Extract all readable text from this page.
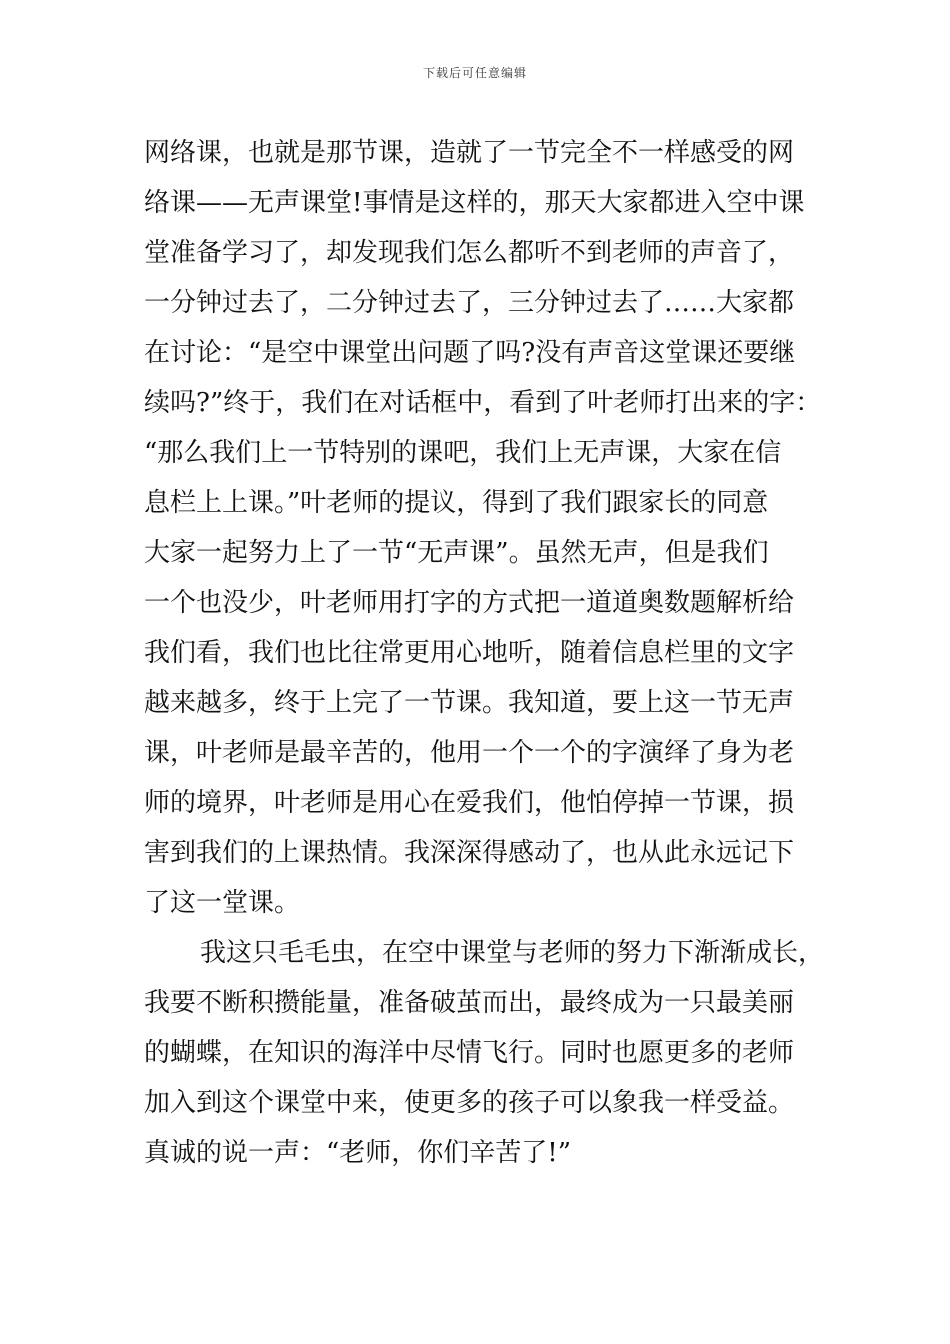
下载后可任意编辑
网络课，也就是那节课，造就了一节完全不一样感受的网
络课——无声课堂!事情是这样的，那天大家都进入空中课
堂准备学习了，却发现我们怎么都听不到老师的声音了，
一分钟过去了，二分钟过去了，三分钟过去了……大家都
在讨论：“是空中课堂出问题了吗?没有声音这堂课还要继
续吗?”终于，我们在对话框中，看到了叶老师打出来的字：
“那么我们上一节特别的课吧，我们上无声课，大家在信
息栏上上课。”叶老师的提议，得到了我们跟家长的同意
大家一起努力上了一节“无声课”。虽然无声，但是我们
一个也没少，叶老师用打字的方式把一道道奥数题解析给
我们看，我们也比往常更用心地听，随着信息栏里的文字
越来越多，终于上完了一节课。我知道，要上这一节无声
课，叶老师是最辛苦的，他用一个一个的字演绎了身为老
师的境界，叶老师是用心在爱我们，他怕停掉一节课，损
害到我们的上课热情。我深深得感动了，也从此永远记下
了这一堂课。
我这只毛毛虫，在空中课堂与老师的努力下渐渐成长，
我要不断积攒能量，准备破茧而出，最终成为一只最美丽
的蝴蝶，在知识的海洋中尽情飞行。同时也愿更多的老师
加入到这个课堂中来，使更多的孩子可以象我一样受益。
真诚的说一声：“老师，你们辛苦了!”
